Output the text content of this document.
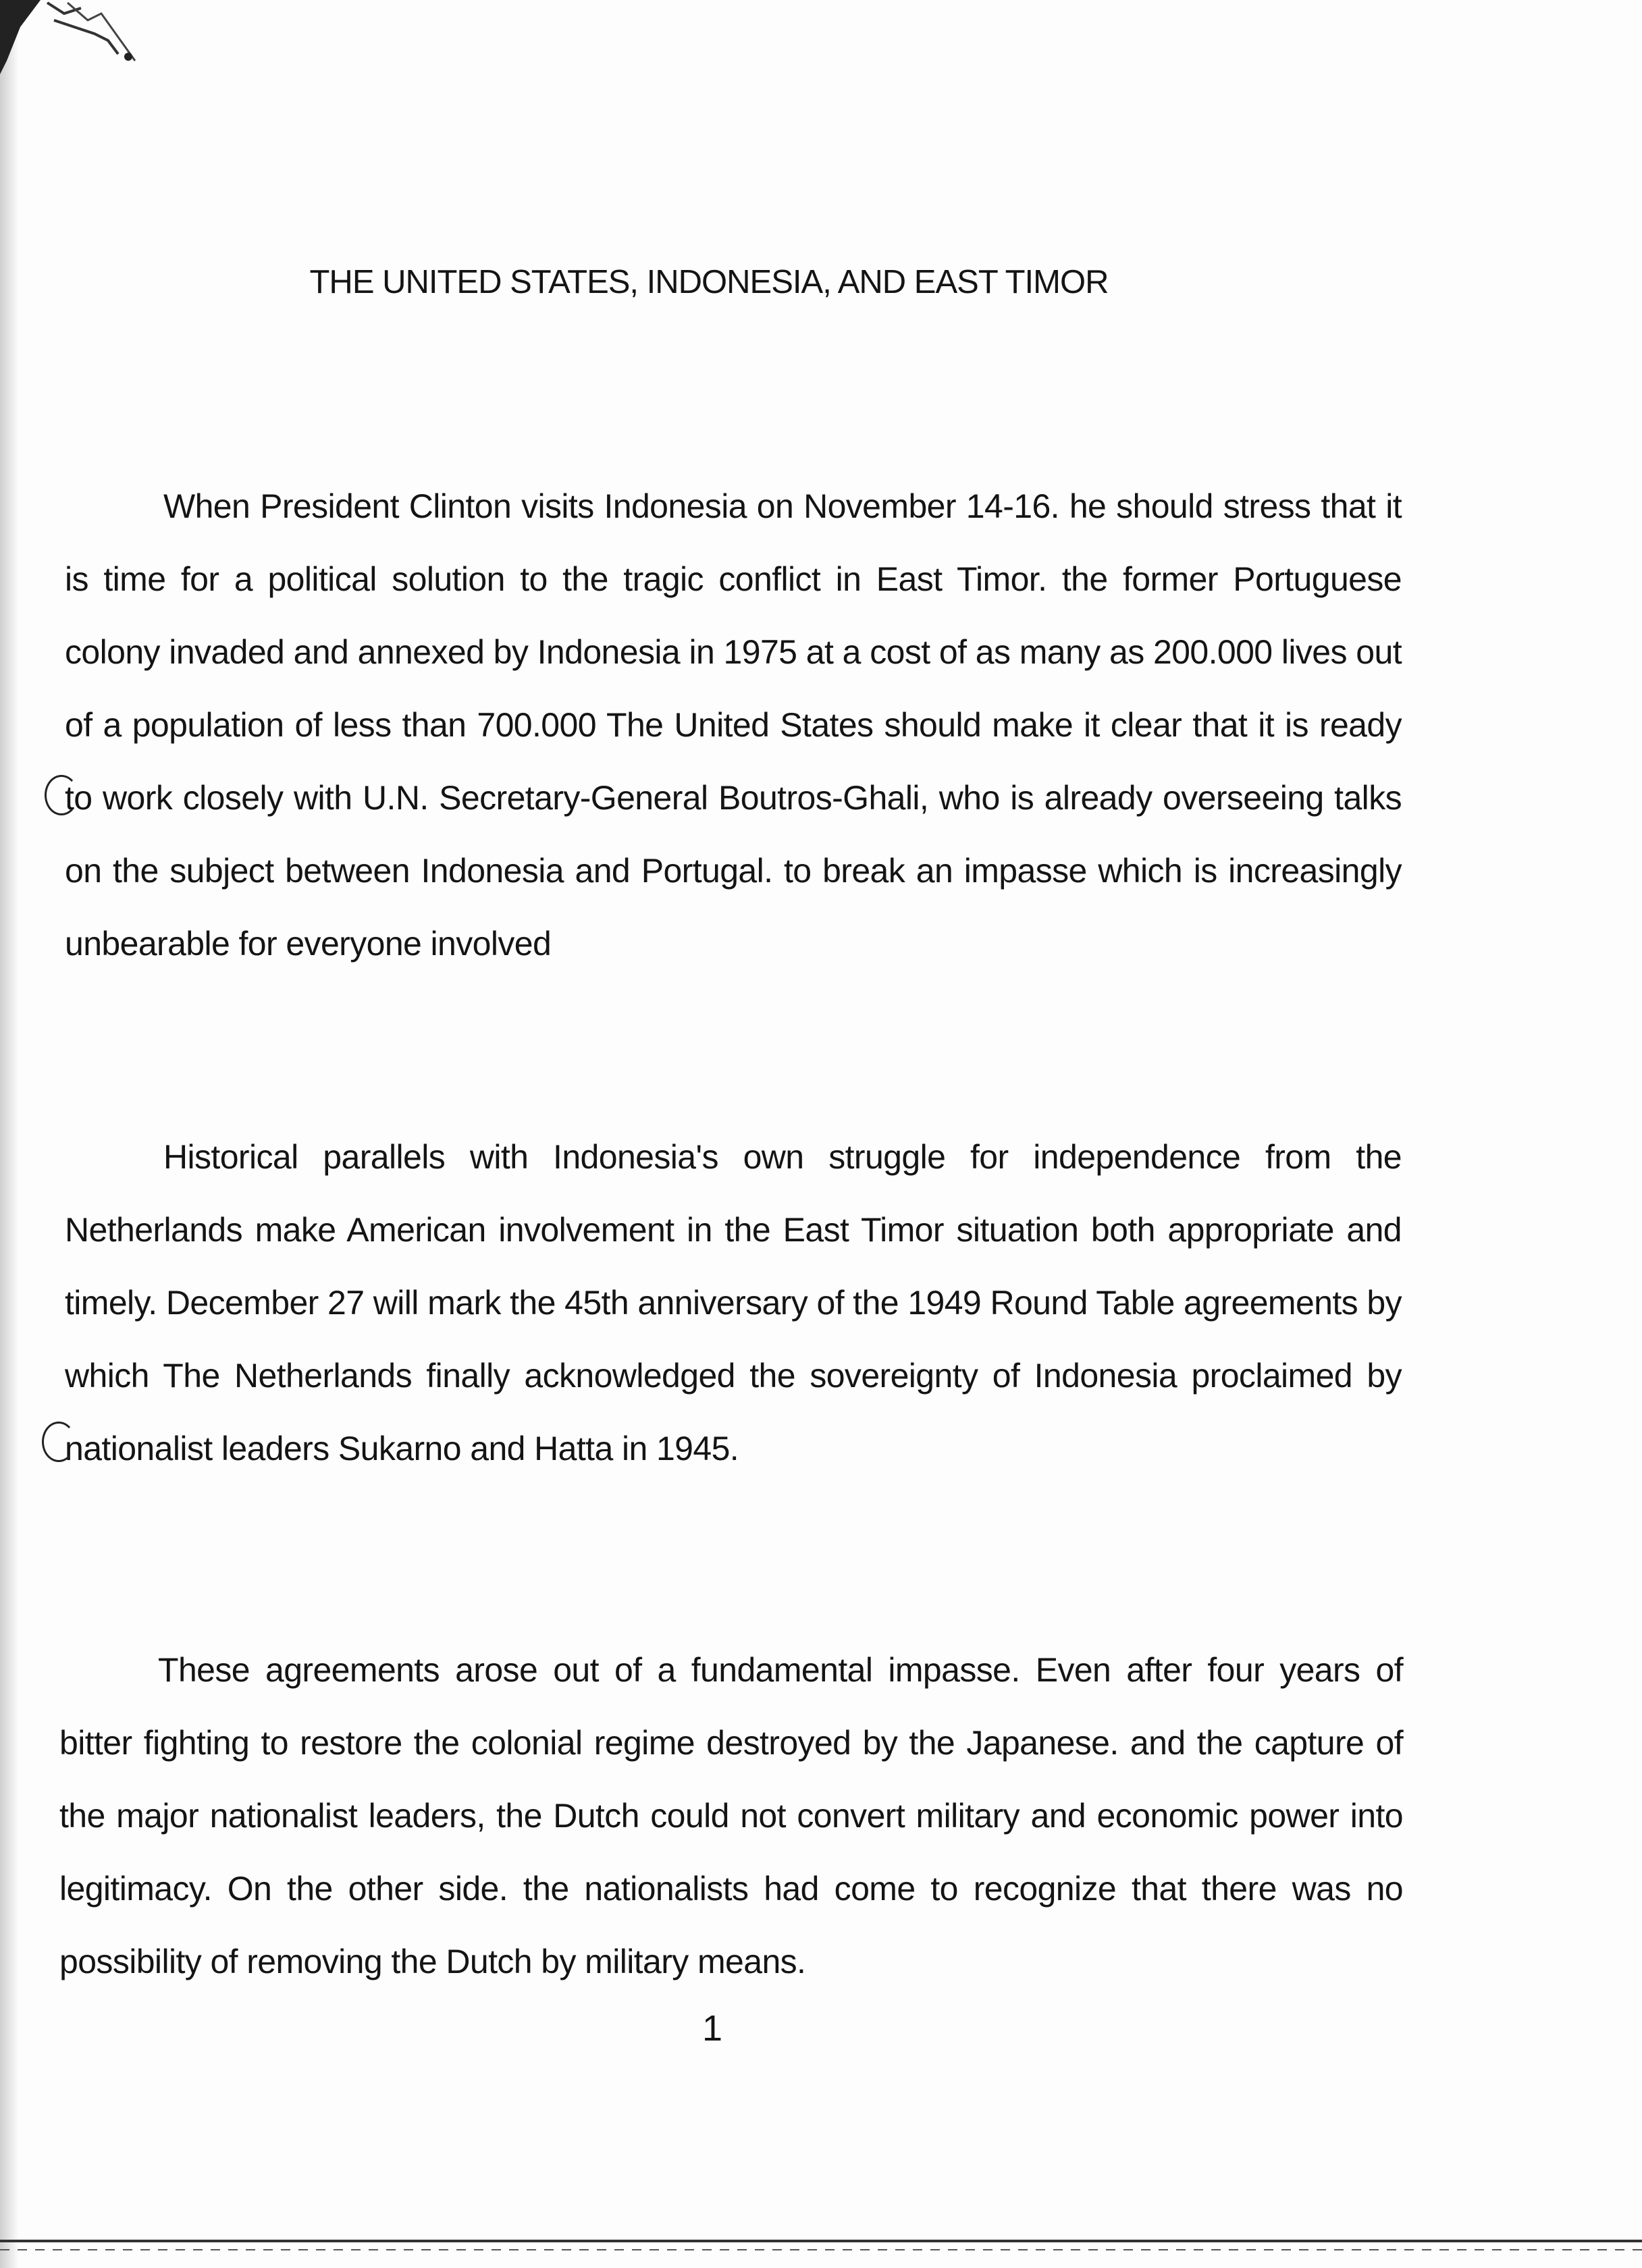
THE UNITED STATES, INDONESIA, AND EAST TIMOR

When President Clinton visits Indonesia on November 14-16. he should stress that it is time for a political solution to the tragic conflict in East Timor. the former Portuguese colony invaded and annexed by Indonesia in 1975 at a cost of as many as 200.000 lives out of a population of less than 700.000 The United States should make it clear that it is ready to work closely with U.N. Secretary-General Boutros-Ghali, who is already overseeing talks on the subject between Indonesia and Portugal. to break an impasse which is increasingly unbearable for everyone involved

Historical parallels with Indonesia's own struggle for independence from the Netherlands make American involvement in the East Timor situation both appropriate and timely. December 27 will mark the 45th anniversary of the 1949 Round Table agreements by which The Netherlands finally acknowledged the sovereignty of Indonesia proclaimed by nationalist leaders Sukarno and Hatta in 1945.

These agreements arose out of a fundamental impasse. Even after four years of bitter fighting to restore the colonial regime destroyed by the Japanese. and the capture of the major nationalist leaders, the Dutch could not convert military and economic power into legitimacy. On the other side. the nationalists had come to recognize that there was no possibility of removing the Dutch by military means.

1
